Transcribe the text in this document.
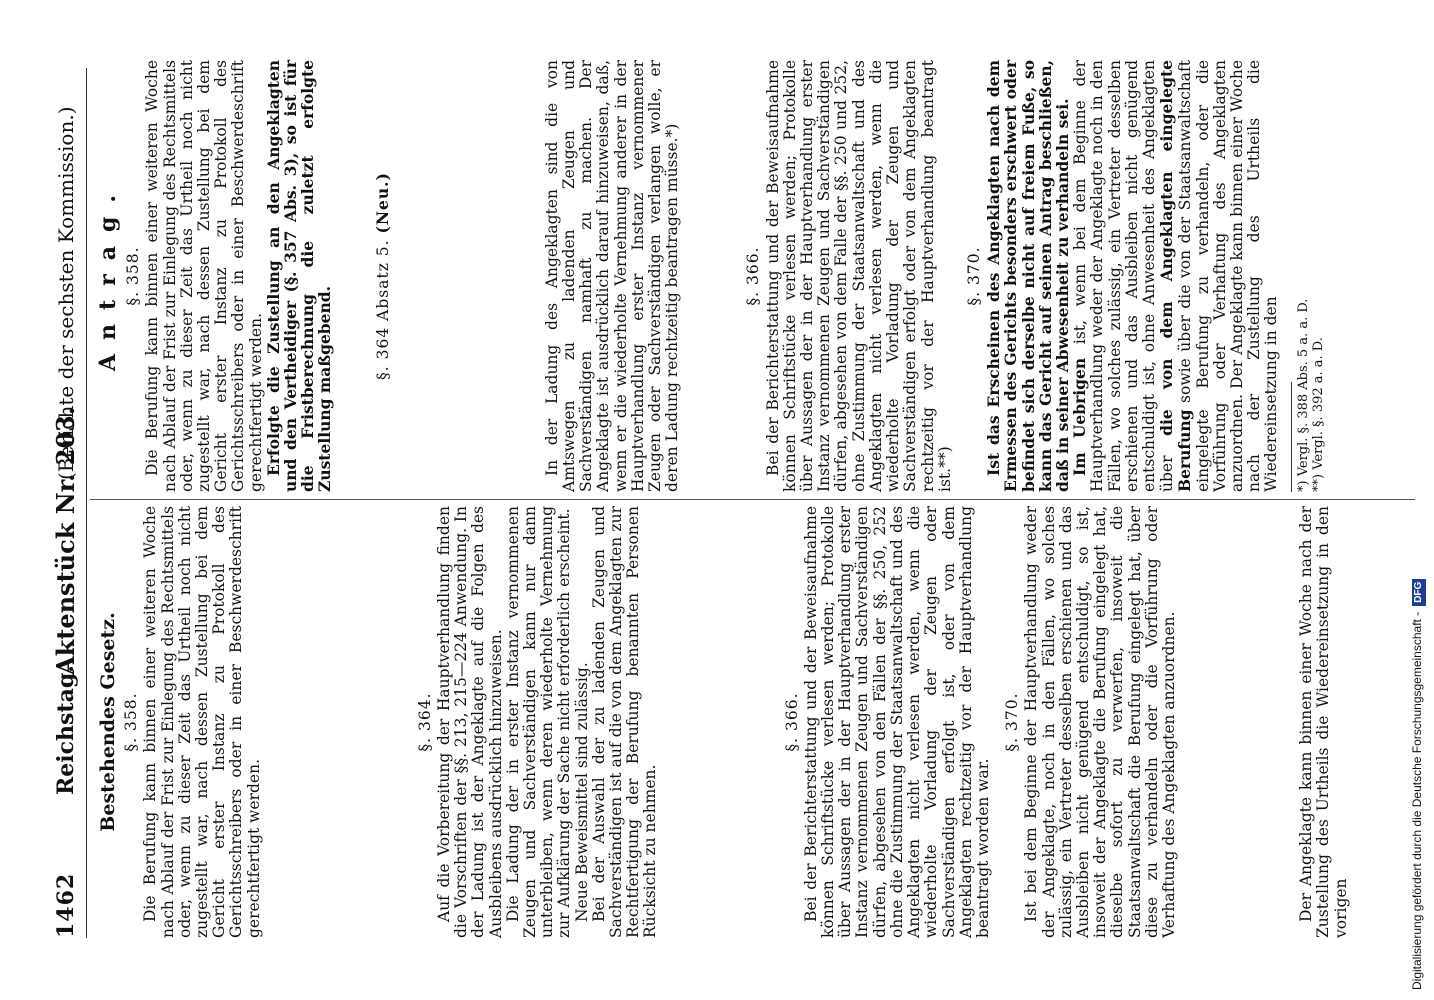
1462
Reichstag.
Aktenstück Nr. 203.
(Berichte der sechsten Kommission.)
Bestehendes Gesetz. §. 358. Die Berufung kann binnen einer weiteren Woche nach Ablauf der Frist zur Einlegung des Rechtsmittels oder, wenn zu dieser Zeit das Urtheil noch nicht zugestellt war, nach dessen Zustellung bei dem Gericht erster Instanz zu Protokoll des Gerichtsschreibers oder in einer Beschwerdeschrift gerechtfertigt werden.

§. 364. Auf die Vorbereitung der Hauptverhandlung finden die Vorschriften der §§. 213, 215—224 Anwendung. In der Ladung ist der Angeklagte auf die Folgen des Ausbleibens ausdrücklich hinzuweisen. Die Ladung der in erster Instanz vernommenen Zeugen und Sachverständigen kann nur dann unterbleiben, wenn deren wiederholte Vernehmung zur Aufklärung der Sache nicht erforderlich erscheint. Neue Beweismittel sind zulässig. Bei der Auswahl der zu ladenden Zeugen und Sachverständigen ist auf die von dem Angeklagten zur Rechtfertigung der Berufung benannten Personen Rücksicht zu nehmen.

§. 366. Bei der Berichterstattung und der Beweisaufnahme können Schriftstücke verlesen werden; Protokolle über Aussagen der in der Hauptverhandlung erster Instanz vernommenen Zeugen und Sachverständigen dürfen, abgesehen von den Fällen der §§. 250, 252 ohne die Zustimmung der Staatsanwaltschaft und des Angeklagten nicht verlesen werden, wenn die wiederholte Vorladung der Zeugen oder Sachverständigen erfolgt ist, oder von dem Angeklagten rechtzeitig vor der Hauptverhandlung beantragt worden war.

§. 370. Ist bei dem Beginne der Hauptverhandlung weder der Angeklagte, noch in den Fällen, wo solches zulässig, ein Vertreter desselben erschienen und das Ausbleiben nicht genügend entschuldigt, so ist, insoweit der Angeklagte die Berufung eingelegt hat, dieselbe sofort zu verwerfen, insoweit die Staatsanwaltschaft die Berufung eingelegt hat, über diese zu verhandeln oder die Vorführung oder Verhaftung des Angeklagten anzuordnen.	Der Angeklagte kann binnen einer Woche nach der Zustellung des Urtheils die Wiedereinsetzung in den vorigen

Antrag. §. 358. Die Berufung kann binnen einer weiteren Woche nach Ablauf der Frist zur Einlegung des Rechtsmittels oder, wenn zu dieser Zeit das Urtheil noch nicht zugestellt war, nach dessen Zustellung bei dem Gericht erster Instanz zu Protokoll des Gerichtsschreibers oder in einer Beschwerdeschrift gerechtfertigt werden. Erfolgte die Zustellung an den Angeklagten und den Vertheidiger (§. 357 Abs. 3), so ist für die Fristberechnung die zuletzt erfolgte Zustellung maßgebend.	§. 364 Absatz 5. (Neu.)	In der Ladung des Angeklagten sind die von Amtswegen zu ladenden Zeugen und Sachverständigen namhaft zu machen. Der Angeklagte ist ausdrücklich darauf hinzuweisen, daß, wenn er die wiederholte Vernehmung anderer in der Hauptverhandlung erster Instanz vernommener Zeugen oder Sachverständigen verlangen wolle, er deren Ladung rechtzeitig beantragen müsse.*)	§. 366. Bei der Berichterstattung und der Beweisaufnahme können Schriftstücke verlesen werden; Protokolle über Aussagen der in der Hauptverhandlung erster Instanz vernommenen Zeugen und Sachverständigen dürfen, abgesehen von dem Falle der §§. 250 und 252, ohne Zustimmung der Staatsanwaltschaft und des Angeklagten nicht verlesen werden, wenn die wiederholte Vorladung der Zeugen und Sachverständigen erfolgt oder von dem Angeklagten rechtzeitig vor der Hauptverhandlung beantragt ist.**)

§. 370. Ist das Erscheinen des Angeklagten nach dem Ermessen des Gerichts besonders erschwert oder befindet sich derselbe nicht auf freiem Fuße, so kann das Gericht auf seinen Antrag beschließen, daß in seiner Abwesenheit zu verhandeln sei.

Im Uebrigen ist, wenn bei dem Beginne der Hauptverhandlung weder der Angeklagte noch in den Fällen, wo solches zulässig, ein Vertreter desselben erschienen und das Ausbleiben nicht genügend entschuldigt ist, ohne Anwesenheit des Angeklagten über die von dem Angeklagten eingelegte Berufung sowie über die von der Staatsanwaltschaft eingelegte Berufung zu verhandeln, oder die Vorführung oder Verhaftung des Angeklagten anzuordnen. Der Angeklagte kann binnen einer Woche nach der Zustellung des Urtheils die Wiedereinsetzung in den *) Vergl. §. 388 Abs. 5 a. a. D. **) Vergl. §. 392 a. a. D.

Digitalisierung gefördert durch die Deutsche Forschungsgemeinschaft -DFG
